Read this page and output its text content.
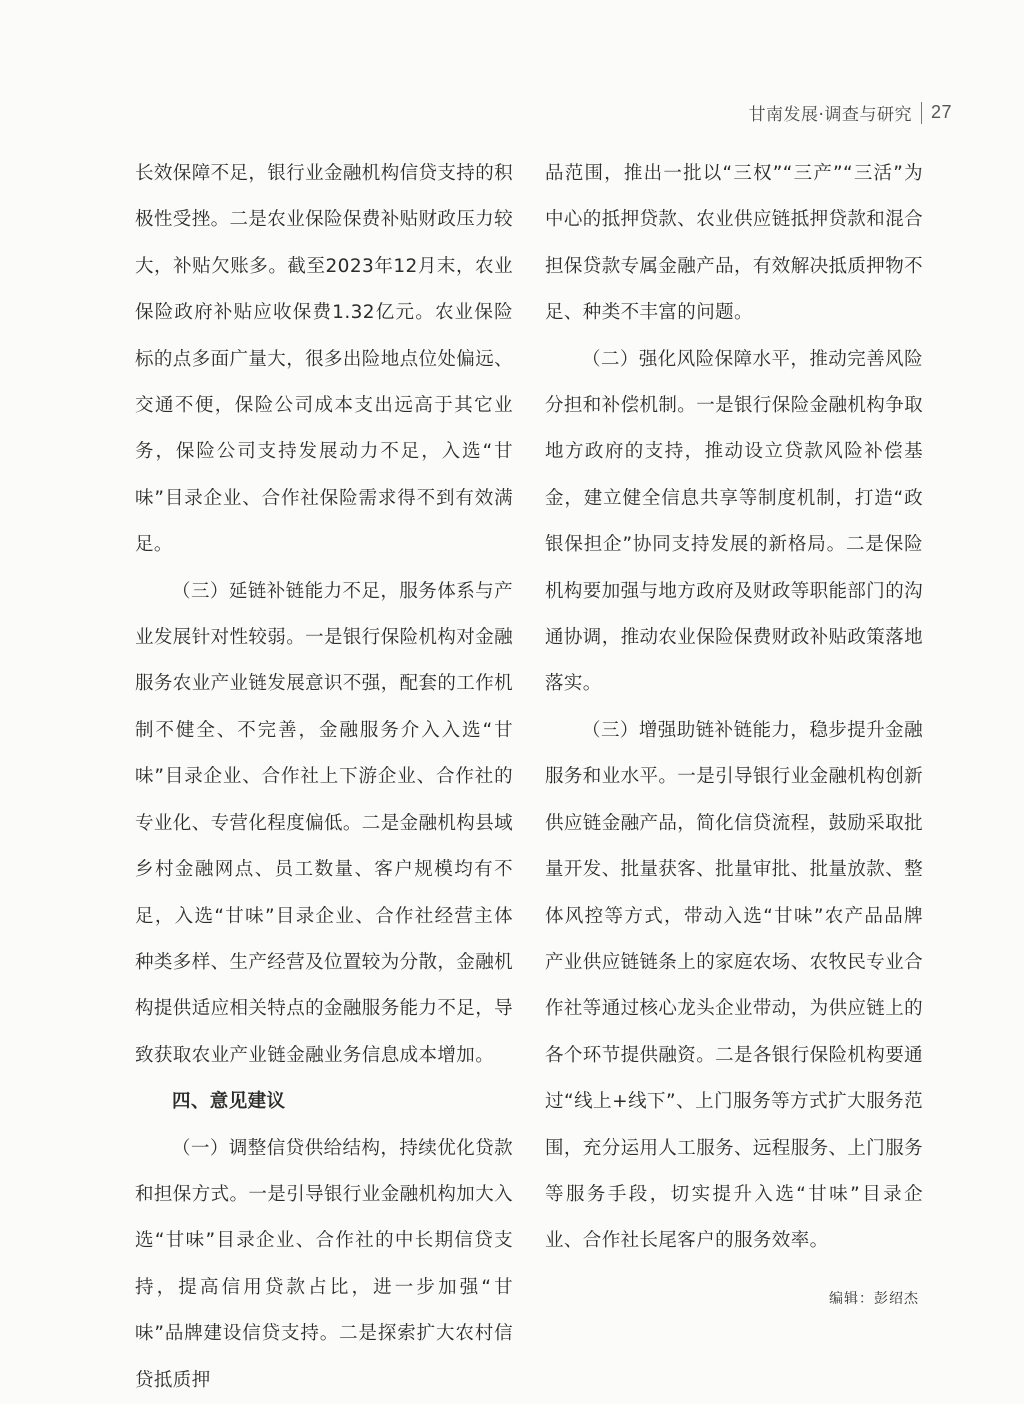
甘南发展·调查与研究 27

长效保障不足，银行业金融机构信贷支持的积极性受挫。二是农业保险保费补贴财政压力较大，补贴欠账多。截至2023年12月末，农业保险政府补贴应收保费1.32亿元。农业保险标的点多面广量大，很多出险地点位处偏远、交通不便，保险公司成本支出远高于其它业务，保险公司支持发展动力不足，入选“甘味”目录企业、合作社保险需求得不到有效满足。

（三）延链补链能力不足，服务体系与产业发展针对性较弱。一是银行保险机构对金融服务农业产业链发展意识不强，配套的工作机制不健全、不完善，金融服务介入入选“甘味”目录企业、合作社上下游企业、合作社的专业化、专营化程度偏低。二是金融机构县域乡村金融网点、员工数量、客户规模均有不足，入选“甘味”目录企业、合作社经营主体种类多样、生产经营及位置较为分散，金融机构提供适应相关特点的金融服务能力不足，导致获取农业产业链金融业务信息成本增加。

四、意见建议

（一）调整信贷供给结构，持续优化贷款和担保方式。一是引导银行业金融机构加大入选“甘味”目录企业、合作社的中长期信贷支持，提高信用贷款占比，进一步加强“甘味”品牌建设信贷支持。二是探索扩大农村信贷抵质押

品范围，推出一批以“三权”“三产”“三活”为中心的抵押贷款、农业供应链抵押贷款和混合担保贷款专属金融产品，有效解决抵质押物不足、种类不丰富的问题。

（二）强化风险保障水平，推动完善风险分担和补偿机制。一是银行保险金融机构争取地方政府的支持，推动设立贷款风险补偿基金，建立健全信息共享等制度机制，打造“政银保担企”协同支持发展的新格局。二是保险机构要加强与地方政府及财政等职能部门的沟通协调，推动农业保险保费财政补贴政策落地落实。

（三）增强助链补链能力，稳步提升金融服务和业水平。一是引导银行业金融机构创新供应链金融产品，简化信贷流程，鼓励采取批量开发、批量获客、批量审批、批量放款、整体风控等方式，带动入选“甘味”农产品品牌产业供应链链条上的家庭农场、农牧民专业合作社等通过核心龙头企业带动，为供应链上的各个环节提供融资。二是各银行保险机构要通过“线上+线下”、上门服务等方式扩大服务范围，充分运用人工服务、远程服务、上门服务等服务手段，切实提升入选“甘味”目录企业、合作社长尾客户的服务效率。

编辑：彭绍杰
